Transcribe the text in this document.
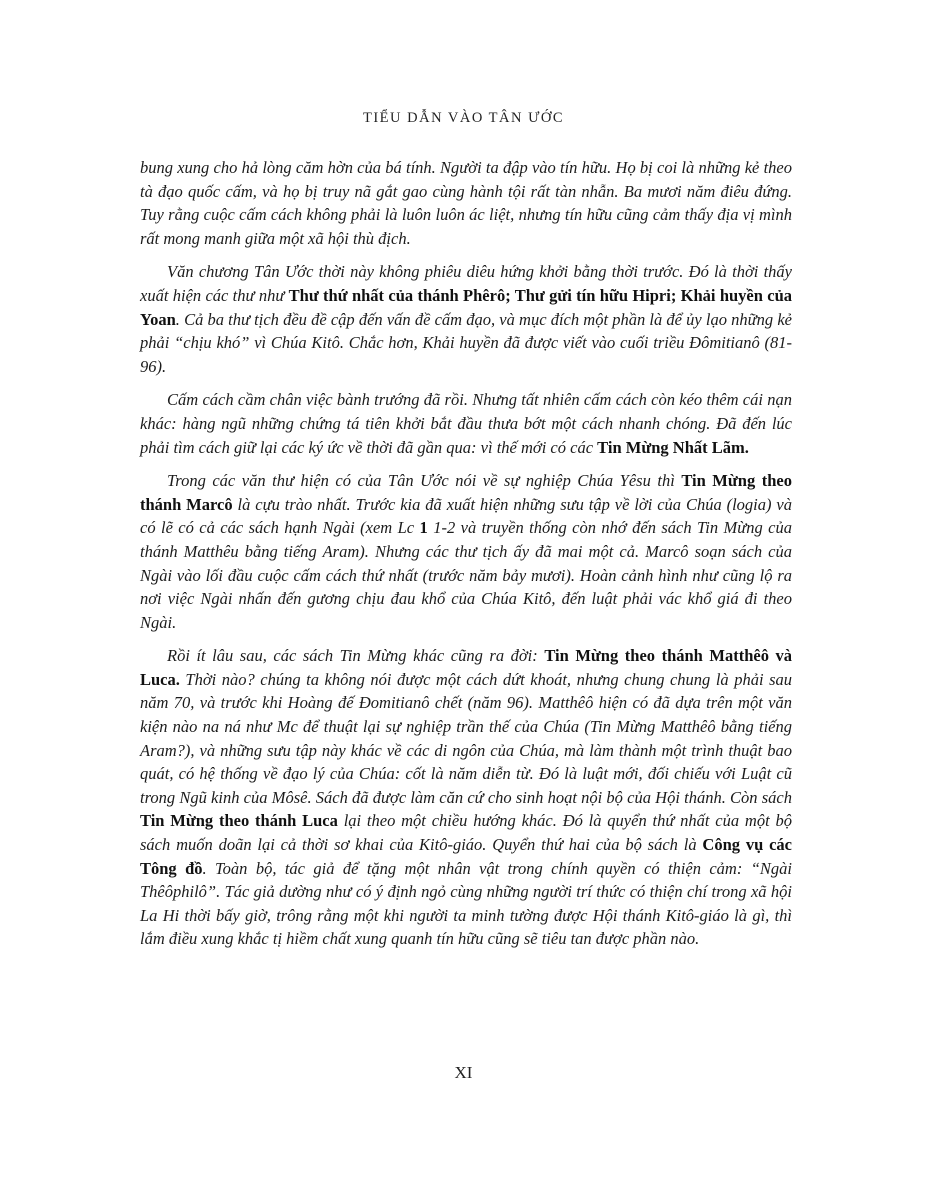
TIỂU DẪN VÀO TÂN ƯỚC

bung xung cho hả lòng căm hờn của bá tính. Người ta đập vào tín hữu. Họ bị coi là những kẻ theo tà đạo quốc cấm, và họ bị truy nã gắt gao cùng hành tội rất tàn nhẫn. Ba mươi năm điêu đứng. Tuy rằng cuộc cấm cách không phải là luôn luôn ác liệt, nhưng tín hữu cũng cảm thấy địa vị mình rất mong manh giữa một xã hội thù địch.

Văn chương Tân Ước thời này không phiêu diêu hứng khởi bằng thời trước. Đó là thời thấy xuất hiện các thư như Thư thứ nhất của thánh Phêrô; Thư gửi tín hữu Hipri; Khải huyền của Yoan. Cả ba thư tịch đều đề cập đến vấn đề cấm đạo, và mục đích một phần là để ủy lạo những kẻ phải “chịu khó” vì Chúa Kitô. Chắc hơn, Khải huyền đã được viết vào cuối triều Đômitianô (81-96).

Cấm cách cầm chân việc bành trướng đã rồi. Nhưng tất nhiên cấm cách còn kéo thêm cái nạn khác: hàng ngũ những chứng tá tiên khởi bắt đầu thưa bớt một cách nhanh chóng. Đã đến lúc phải tìm cách giữ lại các ký ức về thời đã gần qua: vì thế mới có các Tin Mừng Nhất Lãm.

Trong các văn thư hiện có của Tân Ước nói về sự nghiệp Chúa Yêsu thì Tin Mừng theo thánh Marcô là cựu trào nhất. Trước kia đã xuất hiện những sưu tập về lời của Chúa (logia) và có lẽ có cả các sách hạnh Ngài (xem Lc 1 1-2 và truyền thống còn nhớ đến sách Tin Mừng của thánh Matthêu bằng tiếng Aram). Nhưng các thư tịch ấy đã mai một cả. Marcô soạn sách của Ngài vào lối đầu cuộc cấm cách thứ nhất (trước năm bảy mươi). Hoàn cảnh hình như cũng lộ ra nơi việc Ngài nhấn đến gương chịu đau khổ của Chúa Kitô, đến luật phải vác khổ giá đi theo Ngài.

Rồi ít lâu sau, các sách Tin Mừng khác cũng ra đời: Tin Mừng theo thánh Matthêô và Luca. Thời nào? chúng ta không nói được một cách dứt khoát, nhưng chung chung là phải sau năm 70, và trước khi Hoàng đế Đomitianô chết (năm 96). Matthêô hiện có đã dựa trên một văn kiện nào na ná như Mc để thuật lại sự nghiệp trần thế của Chúa (Tin Mừng Matthêô bằng tiếng Aram?), và những sưu tập này khác về các di ngôn của Chúa, mà làm thành một trình thuật bao quát, có hệ thống về đạo lý của Chúa: cốt là năm diễn từ. Đó là luật mới, đối chiếu với Luật cũ trong Ngũ kinh của Môsê. Sách đã được làm căn cứ cho sinh hoạt nội bộ của Hội thánh. Còn sách Tin Mừng theo thánh Luca lại theo một chiều hướng khác. Đó là quyển thứ nhất của một bộ sách muốn doãn lại cả thời sơ khai của Kitô-giáo. Quyển thứ hai của bộ sách là Công vụ các Tông đồ. Toàn bộ, tác giả để tặng một nhân vật trong chính quyền có thiện cảm: “Ngài Thêôphilô”. Tác giả dường như có ý định ngỏ cùng những người trí thức có thiện chí trong xã hội La Hi thời bấy giờ, trông rằng một khi người ta minh tường được Hội thánh Kitô-giáo là gì, thì lắm điều xung khắc tị hiềm chất xung quanh tín hữu cũng sẽ tiêu tan được phần nào.

XI
